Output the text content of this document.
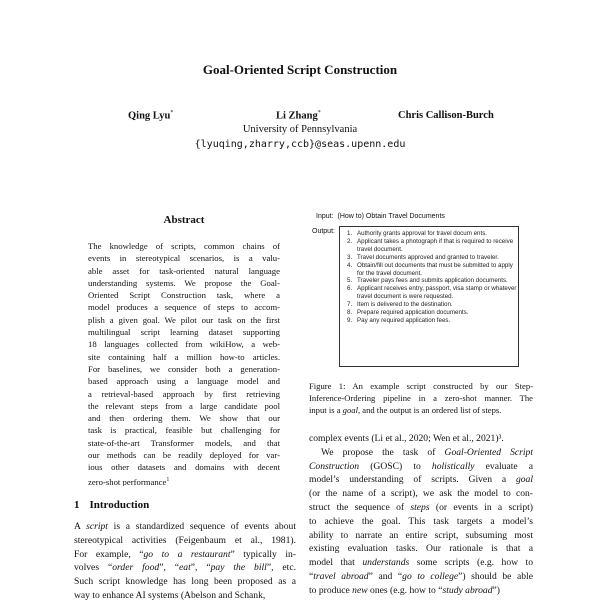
Goal-Oriented Script Construction
Qing Lyu*	Li Zhang*	Chris Callison-Burch
University of Pennsylvania
{lyuqing,zharry,ccb}@seas.upenn.edu
Abstract
The knowledge of scripts, common chains of
events in stereotypical scenarios, is a valu-
able asset for task-oriented natural language
understanding systems. We propose the Goal-
Oriented Script Construction task, where a
model produces a sequence of steps to accom-
plish a given goal. We pilot our task on the first
multilingual script learning dataset supporting
18 languages collected from wikiHow, a web-
site containing half a million how-to articles.
For baselines, we consider both a generation-
based approach using a language model and
a retrieval-based approach by first retrieving
the relevant steps from a large candidate pool
and then ordering them. We show that our
task is practical, feasible but challenging for
state-of-the-art Transformer models, and that
our methods can be readily deployed for var-
ious other datasets and domains with decent
zero-shot performance$^1$
1 Introduction
A script is a standardized sequence of events about
stereotypical activities (Feigenbaum et al., 1981).
For example, “go to a restaurant” typically in-
volves “order food”, “eat”, “pay the bill”, etc.
Such script knowledge has long been proposed as a
way to enhance AI systems (Abelson and Schank,
Input: (How to) Obtain Travel Documents
Output: 1. Authority grants approval for travel docum ents.
2. Applicant takes a photograph if that is required to receive travel document.
3. Travel documents approved and granted to traveler.
4. Obtain/fill out documents that must be submitted to apply for the travel document.
5. Traveler pays fees and submits application documents.
6. Applicant receives entry, passport, visa stamp or whatever travel document is were requested.
7. Item is delivered to the destination.
8. Prepare required application documents.
9. Pay any required application fees.
Figure 1: An example script constructed by our Step-
Inference-Ordering pipeline in a zero-shot manner. The
input is a goal, and the output is an ordered list of steps.
complex events (Li et al., 2020; Wen et al., 2021)³.
We propose the task of Goal-Oriented Script
Construction (GOSC) to holistically evaluate a
model’s understanding of scripts. Given a goal
(or the name of a script), we ask the model to con-
struct the sequence of steps (or events in a script)
to achieve the goal. This task targets a model’s
ability to narrate an entire script, subsuming most
existing evaluation tasks. Our rationale is that a
model that understands some scripts (e.g. how to
“travel abroad” and “go to college”) should be able
to produce new ones (e.g. how to “study abroad”)
